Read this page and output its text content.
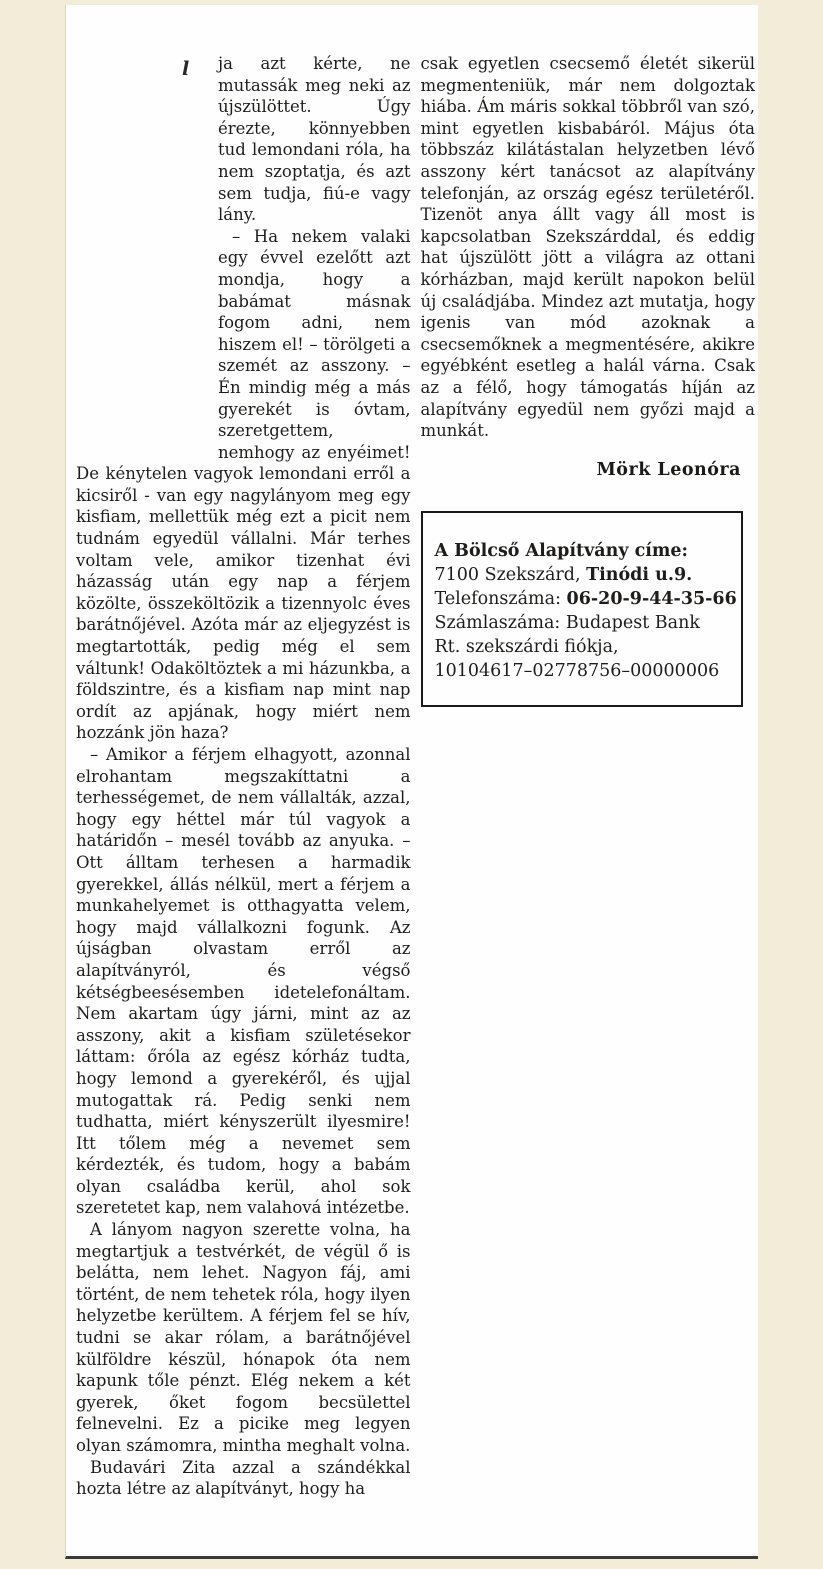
l	ja azt kérte, ne mutassák meg neki az újszülöttet. Úgy érezte, könnyebben tud lemondani róla, ha nem szoptatja, és azt sem tudja, fiú-e vagy lány.

– Ha nekem valaki egy évvel ezelőtt azt mondja, hogy a babámat másnak fogom adni, nem hiszem el! – törölgeti a szemét az asszony. – Én mindig még a más gyerekét is óvtam, szeretgettem, nemhogy az enyéimet! De kénytelen vagyok lemondani erről a kicsiről - van egy nagylányom meg egy kisfiam, mellettük még ezt a picit nem tudnám egyedül vállalni. Már terhes voltam vele, amikor tizenhat évi házasság után egy nap a férjem közölte, összeköltözik a tizennyolc éves barátnőjével. Azóta már az eljegyzést is megtartották, pedig még el sem váltunk! Odaköltöztek a mi házunkba, a földszintre, és a kisfiam nap mint nap ordít az apjának, hogy miért nem hozzánk jön haza?

– Amikor a férjem elhagyott, azonnal elrohantam megszakíttatni a terhességemet, de nem vállalták, azzal, hogy egy héttel már túl vagyok a határidőn – mesél tovább az anyuka. – Ott álltam terhesen a harmadik gyerekkel, állás nélkül, mert a férjem a munkahelyemet is otthagyatta velem, hogy majd vállalkozni fogunk. Az újságban olvastam erről az alapítványról, és végső kétségbeesésemben idetelefonáltam. Nem akartam úgy járni, mint az az asszony, akit a kisfiam születésekor láttam: őróla az egész kórház tudta, hogy lemond a gyerekéről, és ujjal mutogattak rá. Pedig senki nem tudhatta, miért kényszerült ilyesmire! Itt tőlem még a nevemet sem kérdezték, és tudom, hogy a babám olyan családba kerül, ahol sok szeretetet kap, nem valahová intézetbe.

A lányom nagyon szerette volna, ha megtartjuk a testvérkét, de végül ő is belátta, nem lehet. Nagyon fáj, ami történt, de nem tehetek róla, hogy ilyen helyzetbe kerültem. A férjem fel se hív, tudni se akar rólam, a barátnőjével külföldre készül, hónapok óta nem kapunk tőle pénzt. Elég nekem a két gyerek, őket fogom becsülettel felnevelni. Ez a picike meg legyen olyan számomra, mintha meghalt volna.

Budavári Zita azzal a szándékkal hozta létre az alapítványt, hogy ha

csak egyetlen csecsemő életét sikerül megmenteniük, már nem dolgoztak hiába. Ám máris sokkal többről van szó, mint egyetlen kisbabáról. Május óta többszáz kilátástalan helyzetben lévő asszony kért tanácsot az alapítvány telefonján, az ország egész területéről. Tizenöt anya állt vagy áll most is kapcsolatban Szekszárddal, és eddig hat újszülött jött a világra az ottani kórházban, majd került napokon belül új családjába. Mindez azt mutatja, hogy igenis van mód azoknak a csecsemőknek a megmentésére, akikre egyébként esetleg a halál várna. Csak az a félő, hogy támogatás híján az alapítvány egyedül nem győzi majd a munkát.

Mörk Leonóra
A Bölcső Alapítvány címe:
7100 Szekszárd, Tinódi u.9.
Telefonszáma: 06-20-9-44-35-66
Számlaszáma: Budapest Bank
Rt. szekszárdi fiókja,
10104617–02778756–00000006
